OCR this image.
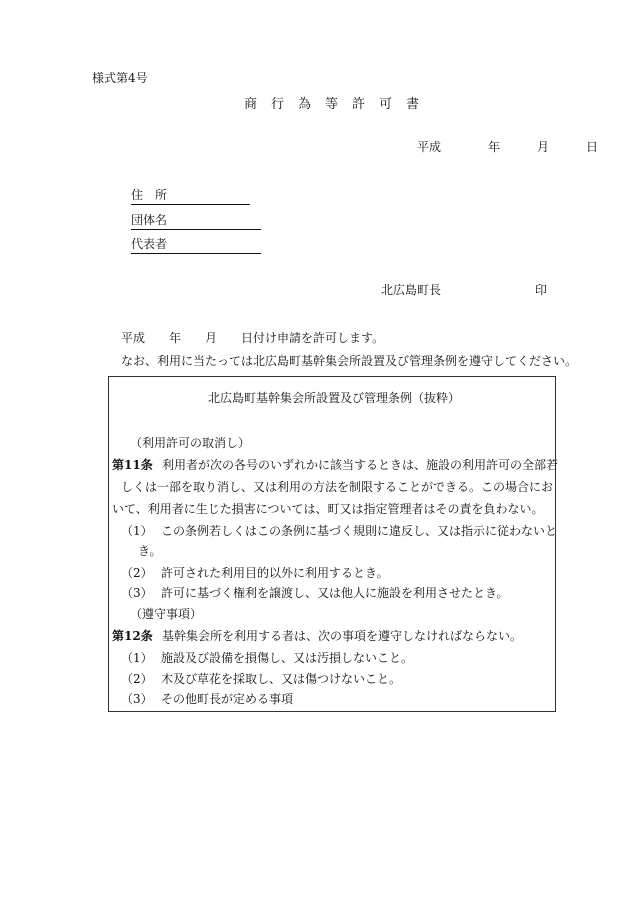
様式第4号
商行為等許可書
平成	年	月	日
住　所
団体名
代表者
北広島町長	印
平成 年 月 日付け申請を許可します。
なお、利用に当たっては北広島町基幹集会所設置及び管理条例を遵守してください。
北広島町基幹集会所設置及び管理条例（抜粋）
（利用許可の取消し）
第11条 利用者が次の各号のいずれかに該当するときは、施設の利用許可の全部若
しくは一部を取り消し、又は利用の方法を制限することができる。この場合にお
いて、利用者に生じた損害については、町又は指定管理者はその責を負わない。
（1） この条例若しくはこの条例に基づく規則に違反し、又は指示に従わないと
き。
（2） 許可された利用目的以外に利用するとき。
（3） 許可に基づく権利を譲渡し、又は他人に施設を利用させたとき。
（遵守事項）
第12条 基幹集会所を利用する者は、次の事項を遵守しなければならない。
（1） 施設及び設備を損傷し、又は汚損しないこと。
（2） 木及び草花を採取し、又は傷つけないこと。
（3） その他町長が定める事項
